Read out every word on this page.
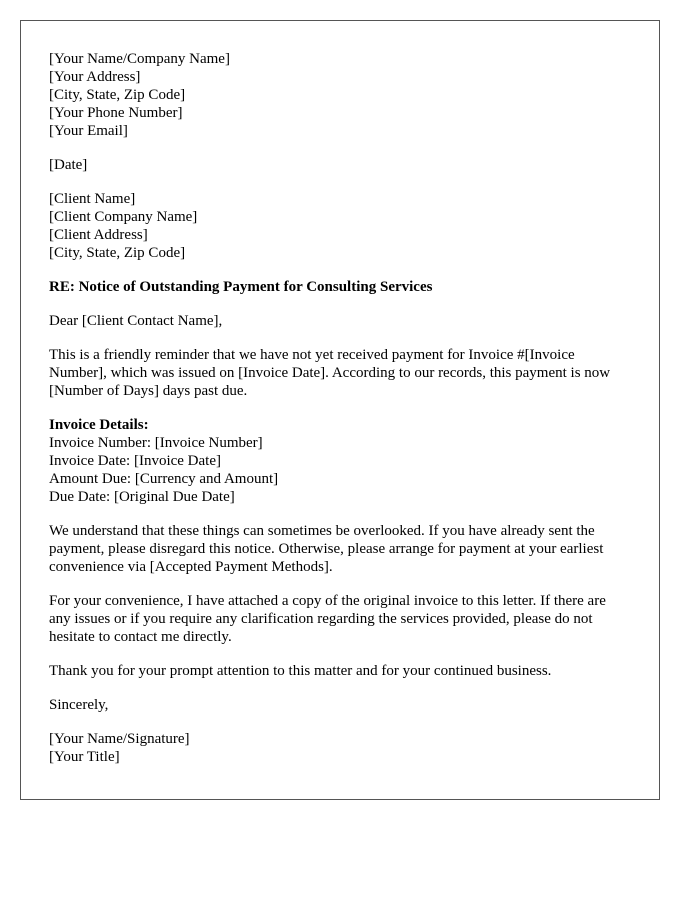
[Your Name/Company Name]
[Your Address]
[City, State, Zip Code]
[Your Phone Number]
[Your Email]
[Date]
[Client Name]
[Client Company Name]
[Client Address]
[City, State, Zip Code]

RE: Notice of Outstanding Payment for Consulting Services

Dear [Client Contact Name],

This is a friendly reminder that we have not yet received payment for Invoice #[Invoice Number], which was issued on [Invoice Date]. According to our records, this payment is now [Number of Days] days past due.

Invoice Details:
Invoice Number: [Invoice Number]
Invoice Date: [Invoice Date]
Amount Due: [Currency and Amount]
Due Date: [Original Due Date]

We understand that these things can sometimes be overlooked. If you have already sent the payment, please disregard this notice. Otherwise, please arrange for payment at your earliest convenience via [Accepted Payment Methods].

For your convenience, I have attached a copy of the original invoice to this letter. If there are any issues or if you require any clarification regarding the services provided, please do not hesitate to contact me directly.

Thank you for your prompt attention to this matter and for your continued business.

Sincerely,

[Your Name/Signature]
[Your Title]
